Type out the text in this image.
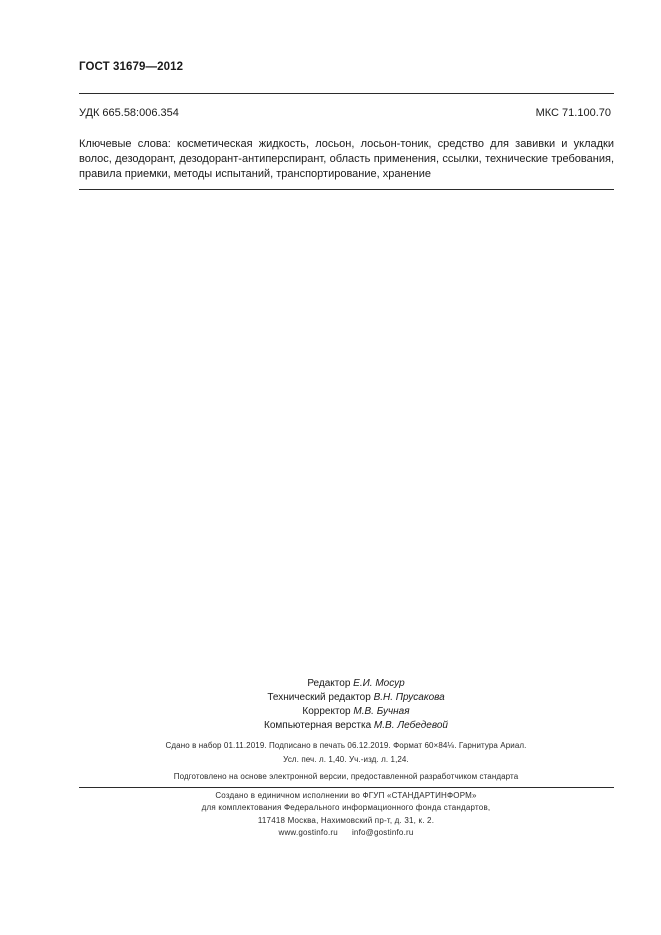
ГОСТ 31679—2012
УДК 665.58:006.354	МКС 71.100.70
Ключевые слова: косметическая жидкость, лосьон, лосьон-тоник, средство для завивки и укладки волос, дезодорант, дезодорант-антиперспирант, область применения, ссылки, технические требования, правила приемки, методы испытаний, транспортирование, хранение
Редактор Е.И. Мосур
Технический редактор В.Н. Прусакова
Корректор М.В. Бучная
Компьютерная верстка М.В. Лебедевой
Сдано в набор 01.11.2019. Подписано в печать 06.12.2019. Формат 60×84⅛. Гарнитура Ариал.
Усл. печ. л. 1,40. Уч.-изд. л. 1,24.
Подготовлено на основе электронной версии, предоставленной разработчиком стандарта
Создано в единичном исполнении во ФГУП «СТАНДАРТИНФОРМ»
для комплектования Федерального информационного фонда стандартов,
117418 Москва, Нахимовский пр-т, д. 31, к. 2.
www.gostinfo.ru info@gostinfo.ru
